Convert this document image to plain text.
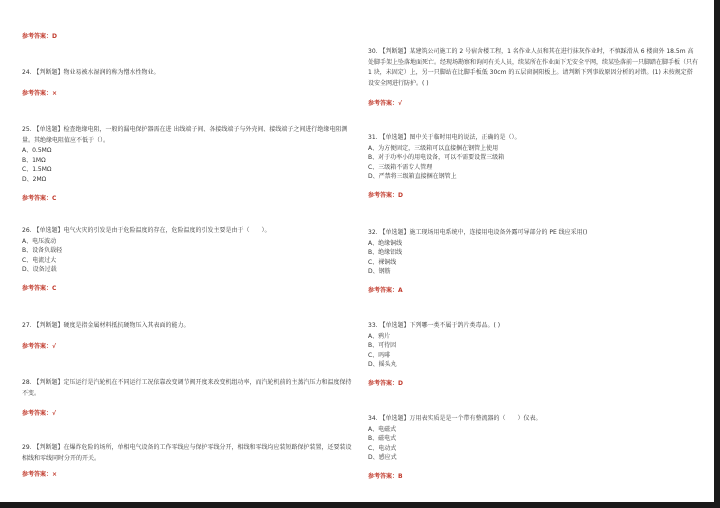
参考答案：D

24. 【判断题】物业易被水湿润的称为憎水性物业。

参考答案：×

25. 【单选题】检查绝缘电阻，一般的漏电保护器需在进 出线端子间、各接线端子与外壳间、接线端子之间进行绝缘电阻测量。其绝缘电阻值应不低于（）。

A、0.5MΩ

B、1MΩ

C、1.5MΩ

D、2MΩ

参考答案：C

26. 【单选题】电气火灾的引发是由于危险温度的存在，危险温度的引发主要是由于（　　）。

A、电压波动

B、设备负载轻

C、电流过大

D、设备过载

参考答案：C

27. 【判断题】硬度是指金属材料抵抗硬物压入其表面的能力。

参考答案：√

28. 【判断题】定压运行是汽轮机在不同运行工况依靠改变调节阀开度来改变机组功率，而汽轮机前的主蒸汽压力和温度保持不变。

参考答案：√

29. 【判断题】在爆炸危险的场所，单相电气设备的工作零线应与保护零线分开，相线和零线均应装短路保护装置，还要装设相线和零线同时分开的开关。

参考答案：×

30. 【判断题】某建筑公司施工的 2 号宿舍楼工程，1 名作业人员和其在进行抹灰作业时，不慎踩滑从 6 楼窗外 18.5m 高处脚手架上坠落地面死亡。经现场勘察和询问有关人员，续某所在作业面下无安全平网，续某坠落前一只脚踏在脚手板（只有 1 块，未固定）上，另一只脚站在比脚手板低 30cm 的五层窗洞阳板上。请判断下列事故原因分析的对错。(1) 未按规定搭设安全网进行防护。( )

参考答案：√

31. 【单选题】图中关于临时用电的说法，正确的是（）。

A、为方便固定，三级箱可以直接捆在钢管上使用

B、对于功率小的用电设备，可以不需要设置三级箱

C、三级箱不需专人管理

D、严禁将三级箱直接捆在钢管上

参考答案：D

32. 【单选题】施工现场用电系统中，连接用电设备外露可导部分的 PE 线应采用()

A、绝缘铜线

B、绝缘铝线

C、裸铜线

D、钢筋

参考答案：A

33. 【单选题】下列哪一类不属于鸽片类毒品。( )

A、鸦片

B、可待因

C、吗啡

D、摇头丸

参考答案：D

34. 【单选题】万用表实质是是一个带有整流器的（　　）仪表。

A、电磁式

B、磁电式

C、电动式

D、感应式

参考答案：B
